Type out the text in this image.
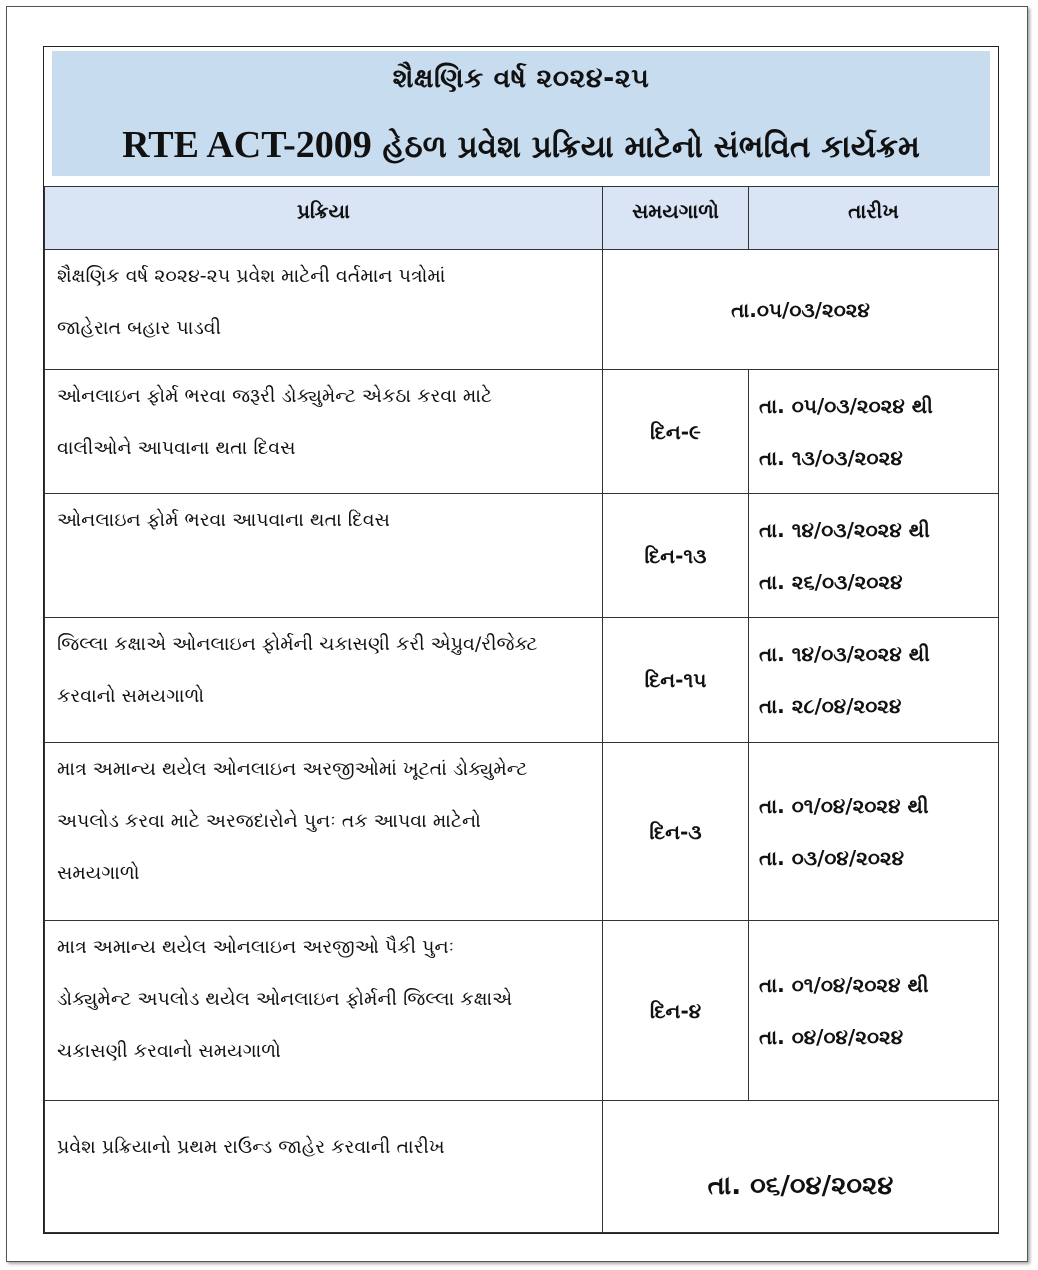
શૈક્ષણિક વર્ષ ૨૦૨૪-૨૫
RTE ACT-2009 હેઠળ પ્રવેશ પ્રક્રિયા માટેનો સંભવિત કાર્યક્રમ
પ્રક્રિયા	સમયગાળો	તારીખ

શૈક્ષણિક વર્ષ ૨૦૨૪-૨૫ પ્રવેશ માટેની વર્તમાન પત્રોમાં
જાહેરાત બહાર પાડવી	તા.૦૫/૦૩/૨૦૨૪	

ઓનલાઇન ફોર્મ ભરવા જરૂરી ડોક્યુમેન્ટ એકઠા કરવા માટે
વાલીઓને આપવાના થતા દિવસ	દિન-૯	તા. ૦૫/૦૩/૨૦૨૪ થી
તા. ૧૩/૦૩/૨૦૨૪

ઓનલાઇન ફોર્મ ભરવા આપવાના થતા દિવસ	દિન-૧૩	તા. ૧૪/૦૩/૨૦૨૪ થી
તા. ૨૬/૦૩/૨૦૨૪

જિલ્લા કક્ષાએ ઓનલાઇન ફોર્મની ચકાસણી કરી એપ્રુવ/રીજેક્ટ
કરવાનો સમયગાળો	દિન-૧૫	તા. ૧૪/૦૩/૨૦૨૪ થી
તા. ૨૮/૦૪/૨૦૨૪

માત્ર અમાન્ય થયેલ ઓનલાઇન અરજીઓમાં ખૂટતાં ડોક્યુમેન્ટ
અપલોડ કરવા માટે અરજદારોને પુનઃ તક આપવા માટેનો
સમયગાળો	દિન-૩	તા. ૦૧/૦૪/૨૦૨૪ થી
તા. ૦૩/૦૪/૨૦૨૪

માત્ર અમાન્ય થયેલ ઓનલાઇન અરજીઓ પૈકી પુનઃ
ડોક્યુમેન્ટ અપલોડ થયેલ ઓનલાઇન ફોર્મની જિલ્લા કક્ષાએ
ચકાસણી કરવાનો સમયગાળો	દિન-૪	તા. ૦૧/૦૪/૨૦૨૪ થી
તા. ૦૪/૦૪/૨૦૨૪

પ્રવેશ પ્રક્રિયાનો પ્રથમ રાઉન્ડ જાહેર કરવાની તારીખ	તા. ૦૬/૦૪/૨૦૨૪	
